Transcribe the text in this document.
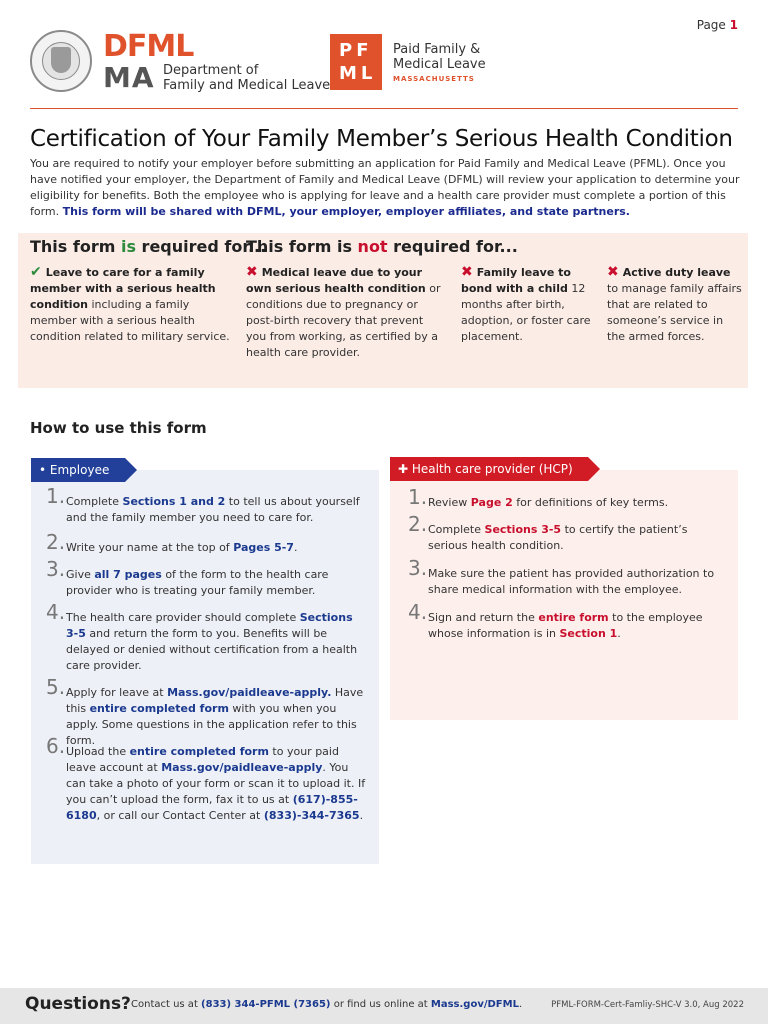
Page 1
DFML
MA Department of
Family and Medical Leave
PF
ML
Paid Family &
Medical Leave
MASSACHUSETTS
Certification of Your Family Member’s Serious Health Condition
You are required to notify your employer before submitting an application for Paid Family and Medical Leave (PFML). Once you have notified your employer, the Department of Family and Medical Leave (DFML) will review your application to determine your eligibility for benefits. Both the employee who is applying for leave and a health care provider must complete a portion of this form. This form will be shared with DFML, your employer, employer affiliates, and state partners.
This form is required for...
This form is not required for...
✔ Leave to care for a family member with a serious health condition including a family member with a serious health condition related to military service.
✖ Medical leave due to your own serious health condition or conditions due to pregnancy or post-birth recovery that prevent you from working, as certified by a health care provider.
✖ Family leave to bond with a child 12 months after birth, adoption, or foster care placement.
✖ Active duty leave to manage family affairs that are related to someone’s service in the armed forces.
How to use this form
• Employee
1. Complete Sections 1 and 2 to tell us about yourself and the family member you need to care for.
2. Write your name at the top of Pages 5-7.
3. Give all 7 pages of the form to the health care provider who is treating your family member.
4. The health care provider should complete Sections 3-5 and return the form to you. Benefits will be delayed or denied without certification from a health care provider.
5. Apply for leave at Mass.gov/paidleave-apply. Have this entire completed form with you when you apply. Some questions in the application refer to this form.
6. Upload the entire completed form to your paid leave account at Mass.gov/paidleave-apply. You can take a photo of your form or scan it to upload it. If you can’t upload the form, fax it to us at (617)-855-6180, or call our Contact Center at (833)-344-7365.
✚ Health care provider (HCP)
1. Review Page 2 for definitions of key terms.
2. Complete Sections 3-5 to certify the patient’s serious health condition.
3. Make sure the patient has provided authorization to share medical information with the employee.
4. Sign and return the entire form to the employee whose information is in Section 1.
Questions? Contact us at (833) 344-PFML (7365) or find us online at Mass.gov/DFML.	PFML-FORM-Cert-Famliy-SHC-V 3.0, Aug 2022
